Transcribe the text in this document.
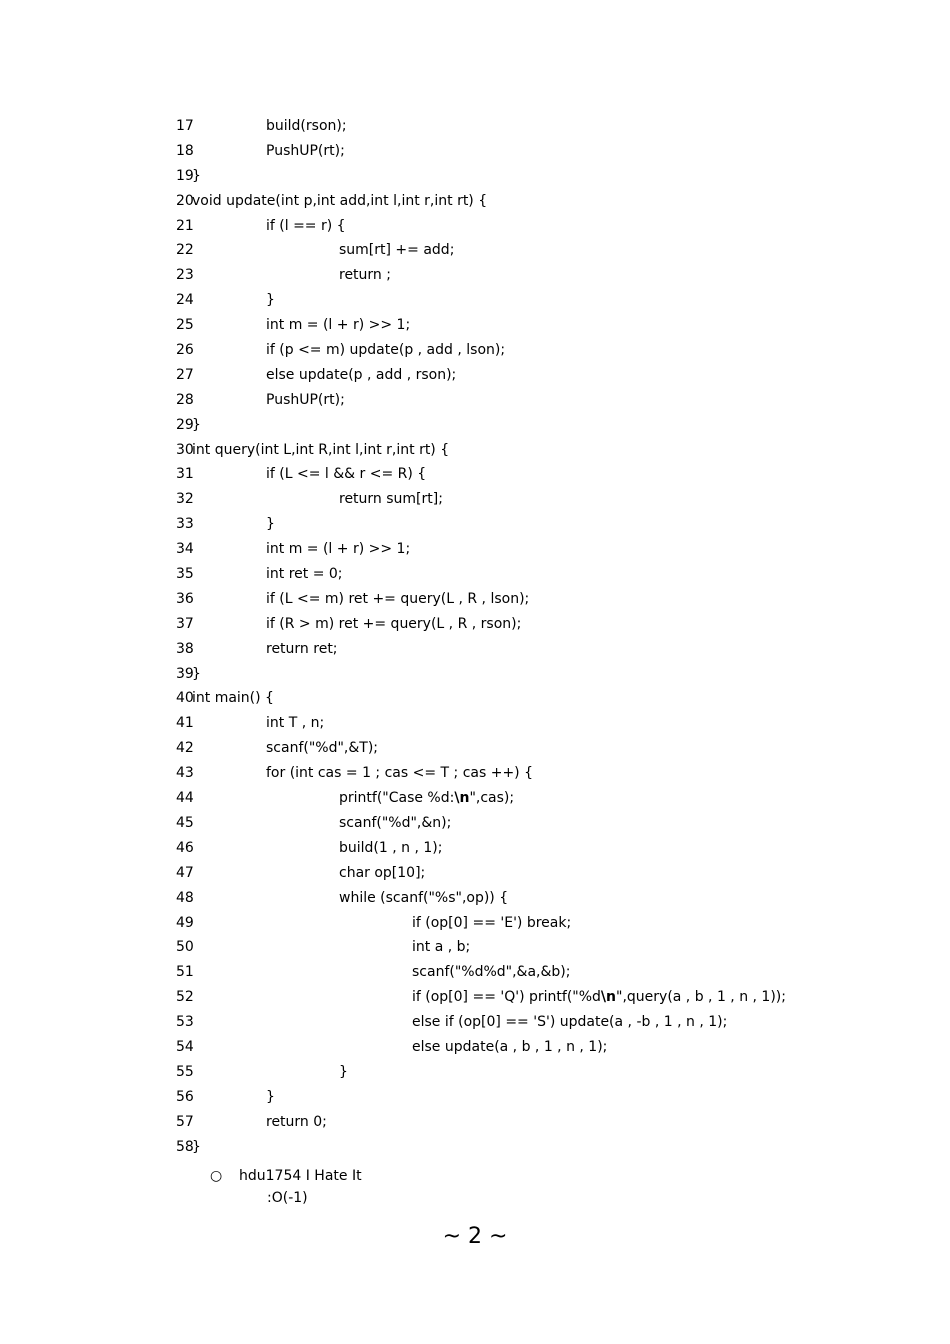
17	build(rson);
18	PushUP(rt);
19
}
20
void update(int p,int add,int l,int r,int rt) {
21	if (l == r) {
22	sum[rt] += add;
23	return ;
24	}
25	int m = (l + r) >> 1;
26	if (p <= m) update(p , add , lson);
27	else update(p , add , rson);
28	PushUP(rt);
29
}
30
int query(int L,int R,int l,int r,int rt) {
31	if (L <= l && r <= R) {
32	return sum[rt];
33	}
34	int m = (l + r) >> 1;
35	int ret = 0;
36	if (L <= m) ret += query(L , R , lson);
37	if (R > m) ret += query(L , R , rson);
38	return ret;
39
}
40
int main() {
41	int T , n;
42	scanf("%d",&T);
43	for (int cas = 1 ; cas <= T ; cas ++) {
44	printf("Case %d:\n",cas);
45	scanf("%d",&n);
46	build(1 , n , 1);
47	char op[10];
48	while (scanf("%s",op)) {
49	if (op[0] == 'E') break;
50	int a , b;
51	scanf("%d%d",&a,&b);
52	if (op[0] == 'Q') printf("%d\n",query(a , b , 1 , n , 1));
53	else if (op[0] == 'S') update(a , -b , 1 , n , 1);
54	else update(a , b , 1 , n , 1);
55	}
56	}
57	return 0;
58
}
○ hdu1754 I Hate It
:O(-1)
~ 2 ~
